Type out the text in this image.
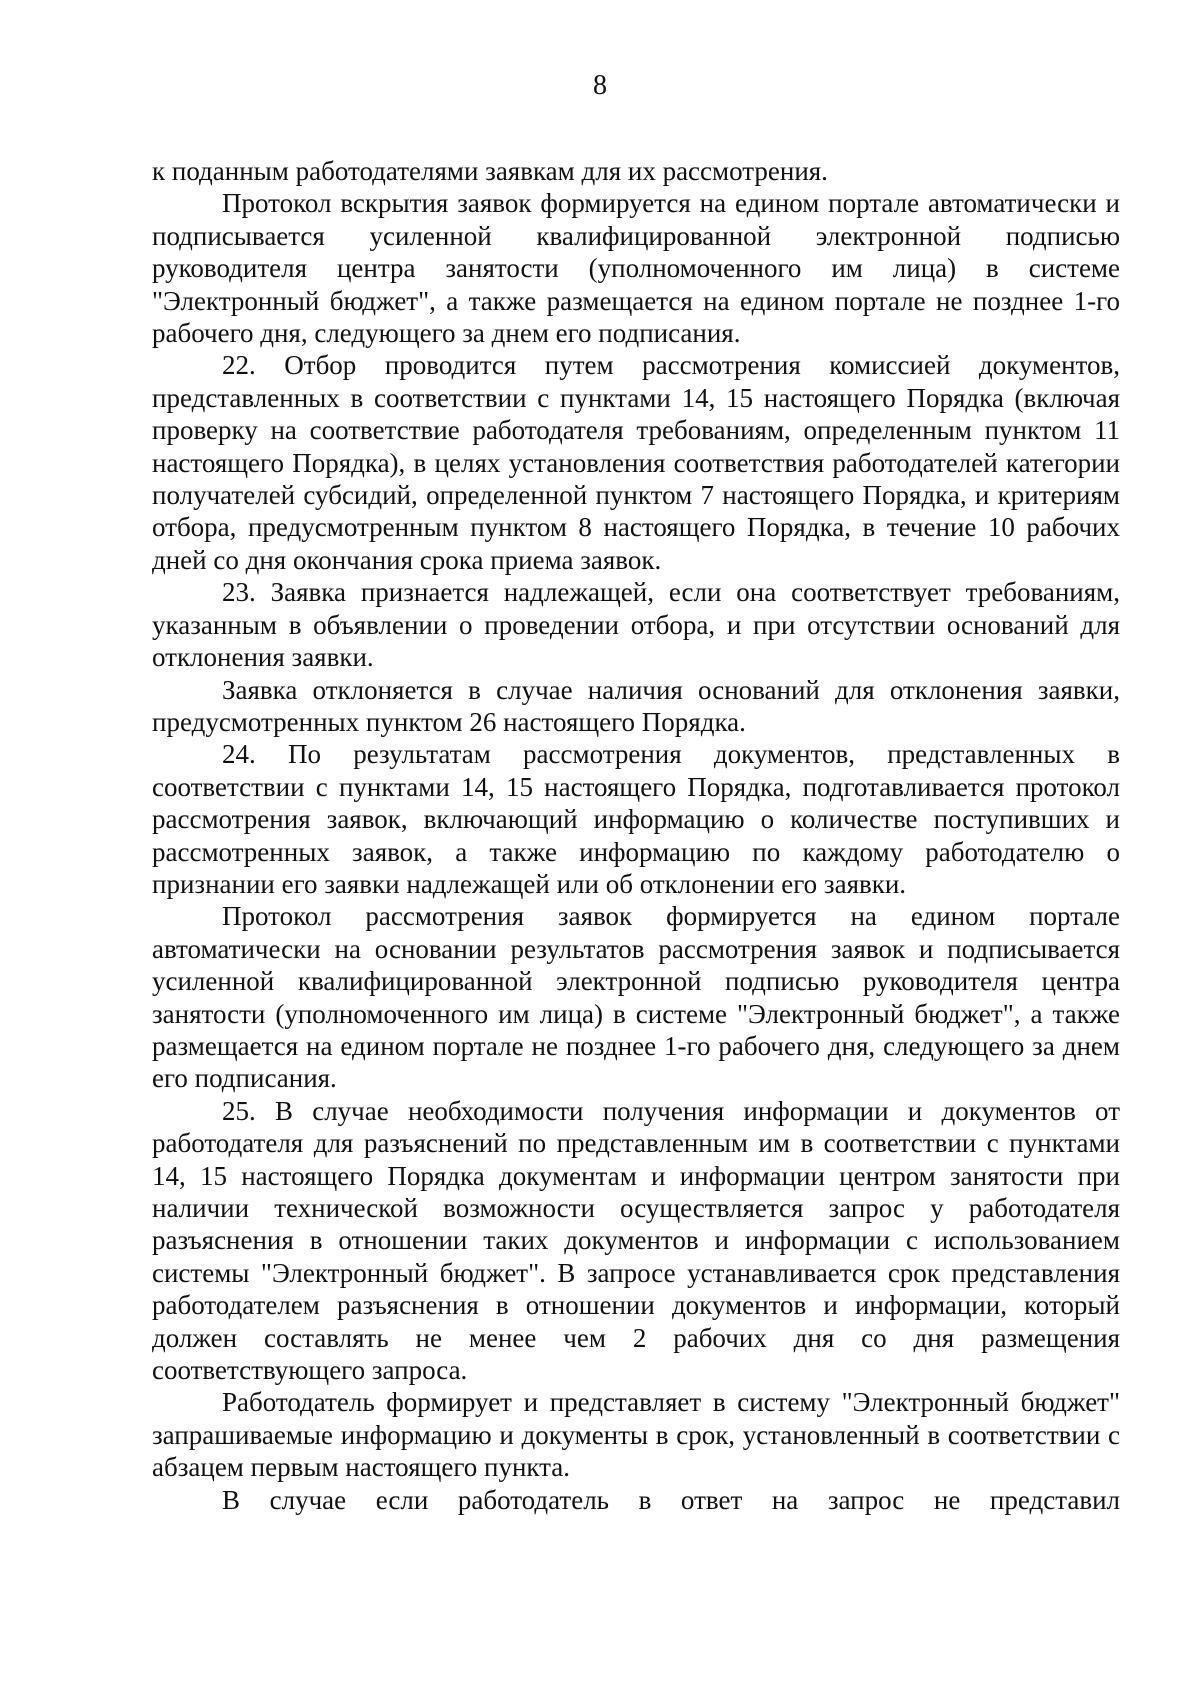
8

к поданным работодателями заявкам для их рассмотрения.

Протокол вскрытия заявок формируется на едином портале автоматически и подписывается усиленной квалифицированной электронной подписью руководителя центра занятости (уполномоченного им лица) в системе "Электронный бюджет", а также размещается на едином портале не позднее 1-го рабочего дня, следующего за днем его подписания.

22. Отбор проводится путем рассмотрения комиссией документов, представленных в соответствии с пунктами 14, 15 настоящего Порядка (включая проверку на соответствие работодателя требованиям, определенным пунктом 11 настоящего Порядка), в целях установления соответствия работодателей категории получателей субсидий, определенной пунктом 7 настоящего Порядка, и критериям отбора, предусмотренным пунктом 8 настоящего Порядка, в течение 10 рабочих дней со дня окончания срока приема заявок.

23. Заявка признается надлежащей, если она соответствует требованиям, указанным в объявлении о проведении отбора, и при отсутствии оснований для отклонения заявки.

Заявка отклоняется в случае наличия оснований для отклонения заявки, предусмотренных пунктом 26 настоящего Порядка.

24. По результатам рассмотрения документов, представленных в соответствии с пунктами 14, 15 настоящего Порядка, подготавливается протокол рассмотрения заявок, включающий информацию о количестве поступивших и рассмотренных заявок, а также информацию по каждому работодателю о признании его заявки надлежащей или об отклонении его заявки.

Протокол рассмотрения заявок формируется на едином портале автоматически на основании результатов рассмотрения заявок и подписывается усиленной квалифицированной электронной подписью руководителя центра занятости (уполномоченного им лица) в системе "Электронный бюджет", а также размещается на едином портале не позднее 1-го рабочего дня, следующего за днем его подписания.

25. В случае необходимости получения информации и документов от работодателя для разъяснений по представленным им в соответствии с пунктами 14, 15 настоящего Порядка документам и информации центром занятости при наличии технической возможности осуществляется запрос у работодателя разъяснения в отношении таких документов и информации с использованием системы "Электронный бюджет". В запросе устанавливается срок представления работодателем разъяснения в отношении документов и информации, который должен составлять не менее чем 2 рабочих дня со дня размещения соответствующего запроса.

Работодатель формирует и представляет в систему "Электронный бюджет" запрашиваемые информацию и документы в срок, установленный в соответствии с абзацем первым настоящего пункта.

В случае если работодатель в ответ на запрос не представил
